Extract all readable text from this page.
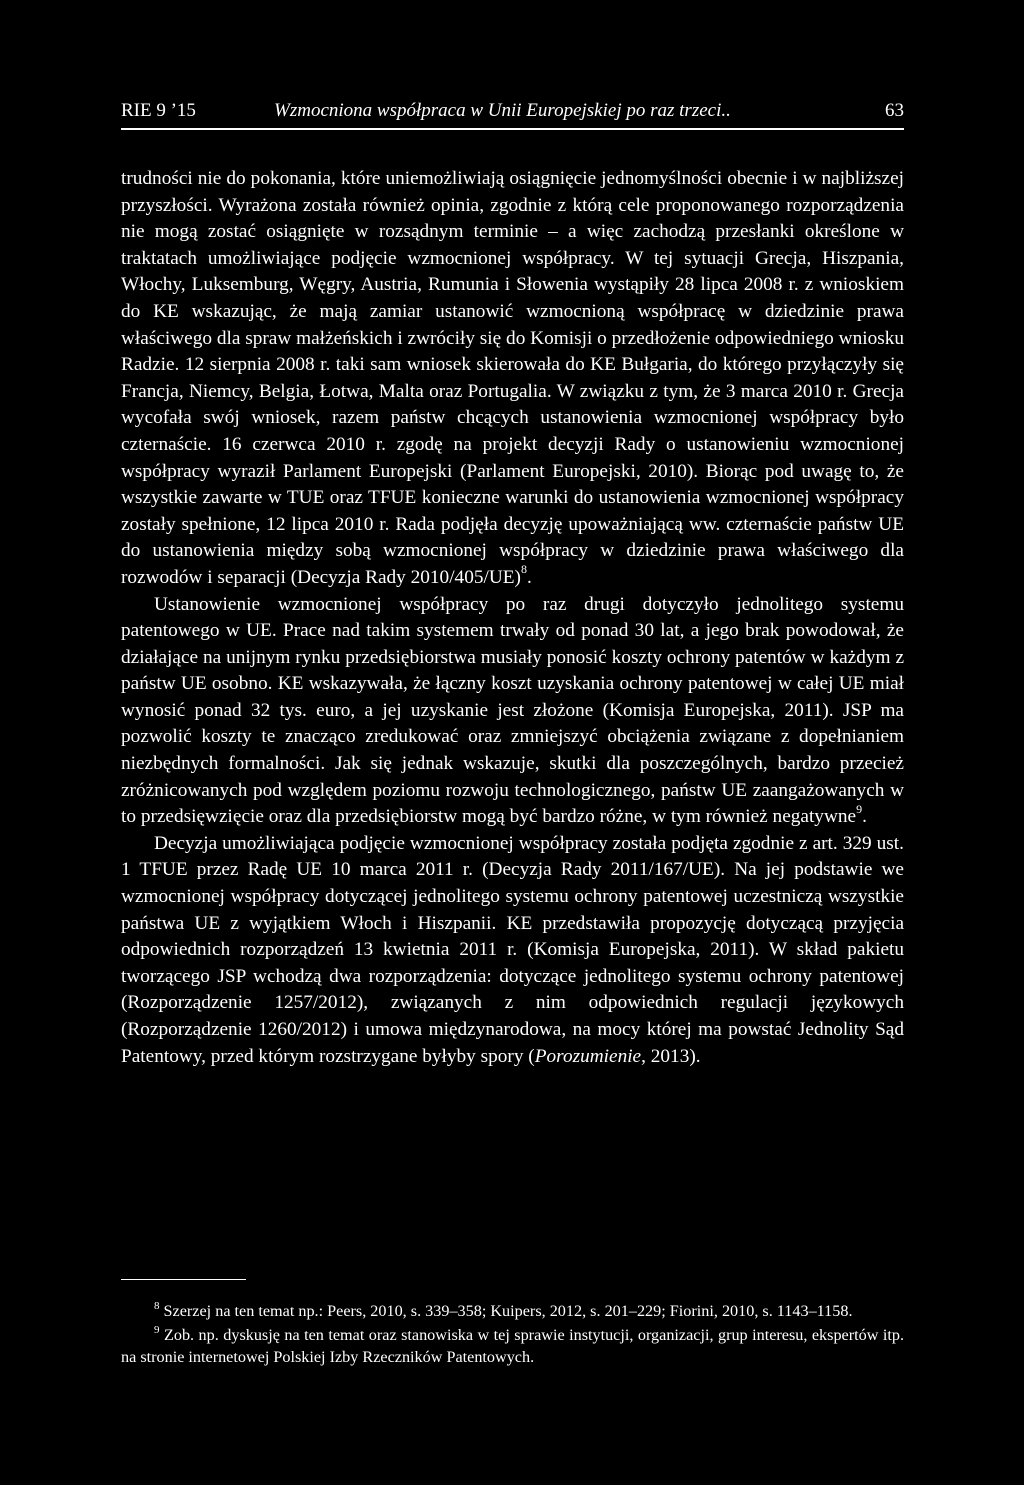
RIE 9 ’15	Wzmocniona współpraca w Unii Europejskiej po raz trzeci..	63

trudności nie do pokonania, które uniemożliwiają osiągnięcie jednomyślności obecnie i w najbliższej przyszłości. Wyrażona została również opinia, zgodnie z którą cele proponowanego rozporządzenia nie mogą zostać osiągnięte w rozsądnym terminie – a więc zachodzą przesłanki określone w traktatach umożliwiające podjęcie wzmocnionej współpracy. W tej sytuacji Grecja, Hiszpania, Włochy, Luksemburg, Węgry, Austria, Rumunia i Słowenia wystąpiły 28 lipca 2008 r. z wnioskiem do KE wskazując, że mają zamiar ustanowić wzmocnioną współpracę w dziedzinie prawa właściwego dla spraw małżeńskich i zwróciły się do Komisji o przedłożenie odpowiedniego wniosku Radzie. 12 sierpnia 2008 r. taki sam wniosek skierowała do KE Bułgaria, do którego przyłączyły się Francja, Niemcy, Belgia, Łotwa, Malta oraz Portugalia. W związku z tym, że 3 marca 2010 r. Grecja wycofała swój wniosek, razem państw chcących ustanowienia wzmocnionej współpracy było czternaście. 16 czerwca 2010 r. zgodę na projekt decyzji Rady o ustanowieniu wzmocnionej współpracy wyraził Parlament Europejski (Parlament Europejski, 2010). Biorąc pod uwagę to, że wszystkie zawarte w TUE oraz TFUE konieczne warunki do ustanowienia wzmocnionej współpracy zostały spełnione, 12 lipca 2010 r. Rada podjęła decyzję upoważniającą ww. czternaście państw UE do ustanowienia między sobą wzmocnionej współpracy w dziedzinie prawa właściwego dla rozwodów i separacji (Decyzja Rady 2010/405/UE)$^8$.

Ustanowienie wzmocnionej współpracy po raz drugi dotyczyło jednolitego systemu patentowego w UE. Prace nad takim systemem trwały od ponad 30 lat, a jego brak powodował, że działające na unijnym rynku przedsiębiorstwa musiały ponosić koszty ochrony patentów w każdym z państw UE osobno. KE wskazywała, że łączny koszt uzyskania ochrony patentowej w całej UE miał wynosić ponad 32 tys. euro, a jej uzyskanie jest złożone (Komisja Europejska, 2011). JSP ma pozwolić koszty te znacząco zredukować oraz zmniejszyć obciążenia związane z dopełnianiem niezbędnych formalności. Jak się jednak wskazuje, skutki dla poszczególnych, bardzo przecież zróżnicowanych pod względem poziomu rozwoju technologicznego, państw UE zaangażowanych w to przedsięwzięcie oraz dla przedsiębiorstw mogą być bardzo różne, w tym również negatywne$^9$.

Decyzja umożliwiająca podjęcie wzmocnionej współpracy została podjęta zgodnie z art. 329 ust. 1 TFUE przez Radę UE 10 marca 2011 r. (Decyzja Rady 2011/167/UE). Na jej podstawie we wzmocnionej współpracy dotyczącej jednolitego systemu ochrony patentowej uczestniczą wszystkie państwa UE z wyjątkiem Włoch i Hiszpanii. KE przedstawiła propozycję dotyczącą przyjęcia odpowiednich rozporządzeń 13 kwietnia 2011 r. (Komisja Europejska, 2011). W skład pakietu tworzącego JSP wchodzą dwa rozporządzenia: dotyczące jednolitego systemu ochrony patentowej (Rozporządzenie 1257/2012), związanych z nim odpowiednich regulacji językowych (Rozporządzenie 1260/2012) i umowa międzynarodowa, na mocy której ma powstać Jednolity Sąd Patentowy, przed którym rozstrzygane byłyby spory (Porozumienie, 2013).

$^8$ Szerzej na ten temat np.: Peers, 2010, s. 339–358; Kuipers, 2012, s. 201–229; Fiorini, 2010, s. 1143–1158.

$^9$ Zob. np. dyskusję na ten temat oraz stanowiska w tej sprawie instytucji, organizacji, grup interesu, ekspertów itp. na stronie internetowej Polskiej Izby Rzeczników Patentowych.
